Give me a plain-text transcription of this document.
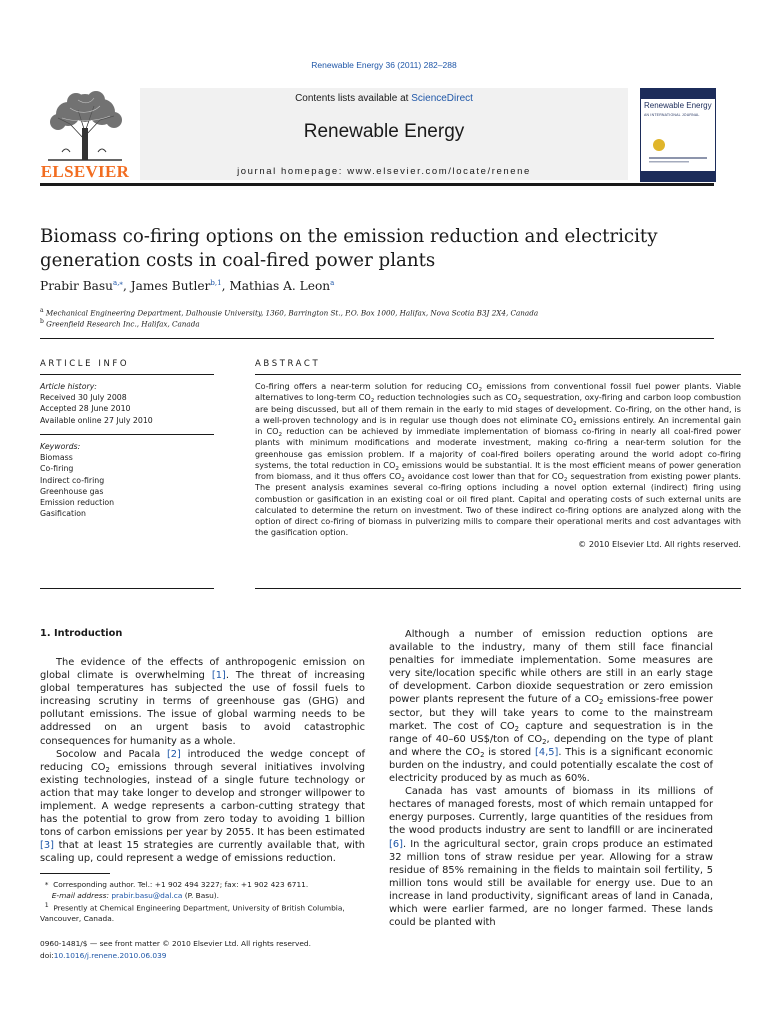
Renewable Energy 36 (2011) 282–288
ELSEVIER
Contents lists available at ScienceDirect
Renewable Energy
journal homepage: www.elsevier.com/locate/renene
Renewable Energy
AN INTERNATIONAL JOURNAL
Biomass co-firing options on the emission reduction and electricity generation costs in coal-fired power plants
Prabir Basu$^{a,⁎}$, James Butler$^{b,1}$, Mathias A. Leon$^a$
$^a$ Mechanical Engineering Department, Dalhousie University, 1360, Barrington St., P.O. Box 1000, Halifax, Nova Scotia B3J 2X4, Canada
$^b$ Greenfield Research Inc., Halifax, Canada
ARTICLE INFO
Article history:
Received 30 July 2008
Accepted 28 June 2010
Available online 27 July 2010
Keywords:
Biomass
Co-firing
Indirect co-firing
Greenhouse gas
Emission reduction
Gasification
ABSTRACT
Co-firing offers a near-term solution for reducing $CO_2$ emissions from conventional fossil fuel power plants. Viable alternatives to long-term $CO_2$ reduction technologies such as $CO_2$ sequestration, oxy-firing and carbon loop combustion are being discussed, but all of them remain in the early to mid stages of development. Co-firing, on the other hand, is a well-proven technology and is in regular use though does not eliminate $CO_2$ emissions entirely. An incremental gain in $CO_2$ reduction can be achieved by immediate implementation of biomass co-firing in nearly all coal-fired power plants with minimum modifications and moderate investment, making co-firing a near-term solution for the greenhouse gas emission problem. If a majority of coal-fired boilers operating around the world adopt co-firing systems, the total reduction in $CO_2$ emissions would be substantial. It is the most efficient means of power generation from biomass, and it thus offers $CO_2$ avoidance cost lower than that for $CO_2$ sequestration from existing power plants. The present analysis examines several co-firing options including a novel option external (indirect) firing using combustion or gasification in an existing coal or oil fired plant. Capital and operating costs of such external units are calculated to determine the return on investment. Two of these indirect co-firing options are analyzed along with the option of direct co-firing of biomass in pulverizing mills to compare their operational merits and cost advantages with the gasification option.
© 2010 Elsevier Ltd. All rights reserved.
1. Introduction

The evidence of the effects of anthropogenic emission on global climate is overwhelming [1]. The threat of increasing global temperatures has subjected the use of fossil fuels to increasing scrutiny in terms of greenhouse gas (GHG) and pollutant emissions. The issue of global warming needs to be addressed on an urgent basis to avoid catastrophic consequences for humanity as a whole.

Socolow and Pacala [2] introduced the wedge concept of reducing $CO_2$ emissions through several initiatives involving existing technologies, instead of a single future technology or action that may take longer to develop and stronger willpower to implement. A wedge represents a carbon-cutting strategy that has the potential to grow from zero today to avoiding 1 billion tons of carbon emissions per year by 2055. It has been estimated [3] that at least 15 strategies are currently available that, with scaling up, could represent a wedge of emissions reduction.

Although a number of emission reduction options are available to the industry, many of them still face financial penalties for immediate implementation. Some measures are very site/location specific while others are still in an early stage of development. Carbon dioxide sequestration or zero emission power plants represent the future of a $CO_2$ emissions-free power sector, but they will take years to come to the mainstream market. The cost of $CO_2$ capture and sequestration is in the range of 40–60 US$/ton of $CO_2$, depending on the type of plant and where the $CO_2$ is stored [4,5]. This is a significant economic burden on the industry, and could potentially escalate the cost of electricity produced by as much as 60%.

Canada has vast amounts of biomass in its millions of hectares of managed forests, most of which remain untapped for energy purposes. Currently, large quantities of the residues from the wood products industry are sent to landfill or are incinerated [6]. In the agricultural sector, grain crops produce an estimated 32 million tons of straw residue per year. Allowing for a straw residue of 85% remaining in the fields to maintain soil fertility, 5 million tons would still be available for energy use. Due to an increase in land productivity, significant areas of land in Canada, which were earlier farmed, are no longer farmed. These lands could be planted with

* Corresponding author. Tel.: +1 902 494 3227; fax: +1 902 423 6711.

E-mail address: prabir.basu@dal.ca (P. Basu).

$^1$ Presently at Chemical Engineering Department, University of British Columbia, Vancouver, Canada.

0960-1481/$ — see front matter © 2010 Elsevier Ltd. All rights reserved.
doi:10.1016/j.renene.2010.06.039
